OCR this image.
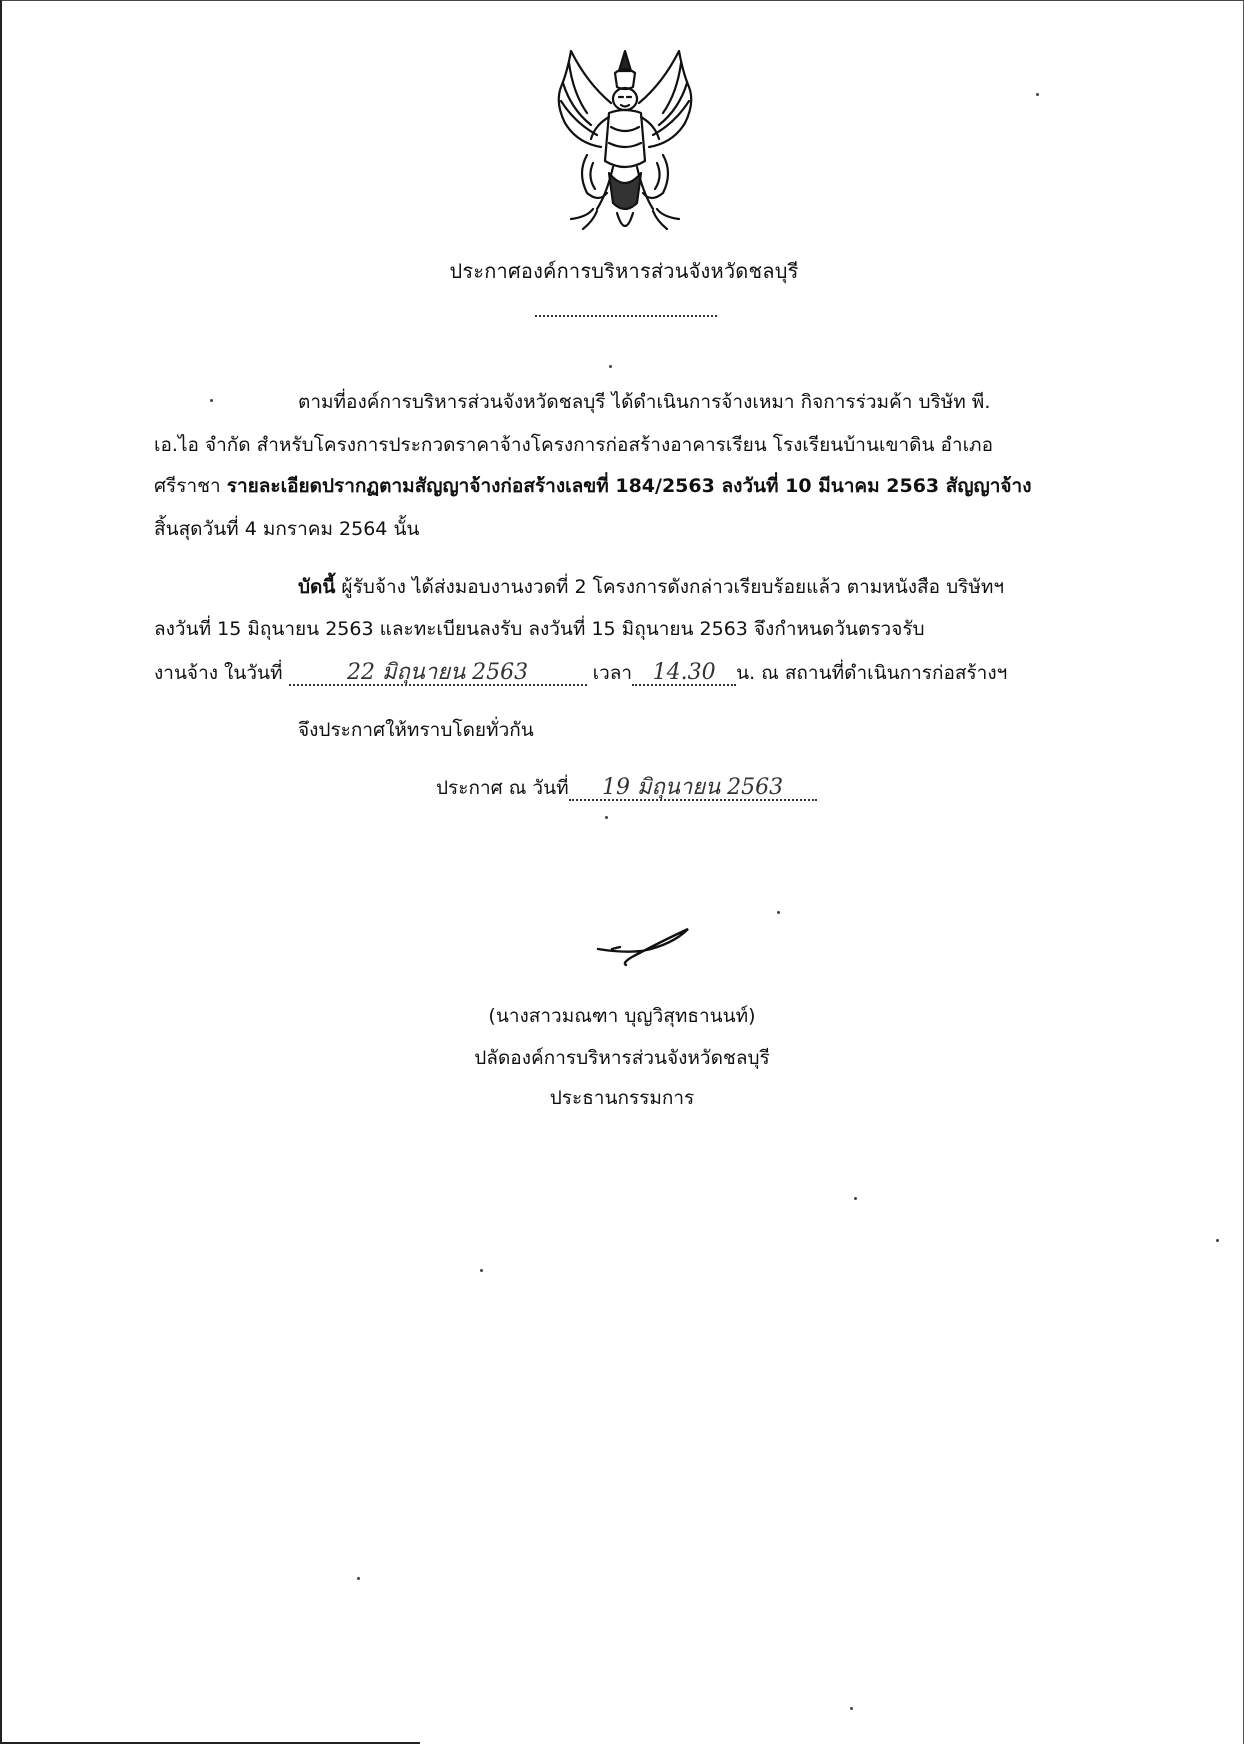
ประกาศองค์การบริหารส่วนจังหวัดชลบุรี
ตามที่องค์การบริหารส่วนจังหวัดชลบุรี ได้ดำเนินการจ้างเหมา กิจการร่วมค้า บริษัท พี.
เอ.ไอ จำกัด สำหรับโครงการประกวดราคาจ้างโครงการก่อสร้างอาคารเรียน โรงเรียนบ้านเขาดิน อำเภอ
ศรีราชา รายละเอียดปรากฏตามสัญญาจ้างก่อสร้างเลขที่ 184/2563 ลงวันที่ 10 มีนาคม 2563 สัญญาจ้าง
สิ้นสุดวันที่ 4 มกราคม 2564 นั้น
บัดนี้ ผู้รับจ้าง ได้ส่งมอบงานงวดที่ 2 โครงการดังกล่าวเรียบร้อยแล้ว ตามหนังสือ บริษัทฯ
ลงวันที่ 15 มิถุนายน 2563 และทะเบียนลงรับ ลงวันที่ 15 มิถุนายน 2563 จึงกำหนดวันตรวจรับ
งานจ้าง ในวันที่	22 มิถุนายน 2563	เวลา 14.30 น. ณ สถานที่ดำเนินการก่อสร้างฯ
จึงประกาศให้ทราบโดยทั่วกัน
ประกาศ ณ วันที่ 19 มิถุนายน 2563
(นางสาวมณฑา บุญวิสุทธานนท์)
ปลัดองค์การบริหารส่วนจังหวัดชลบุรี
ประธานกรรมการ
